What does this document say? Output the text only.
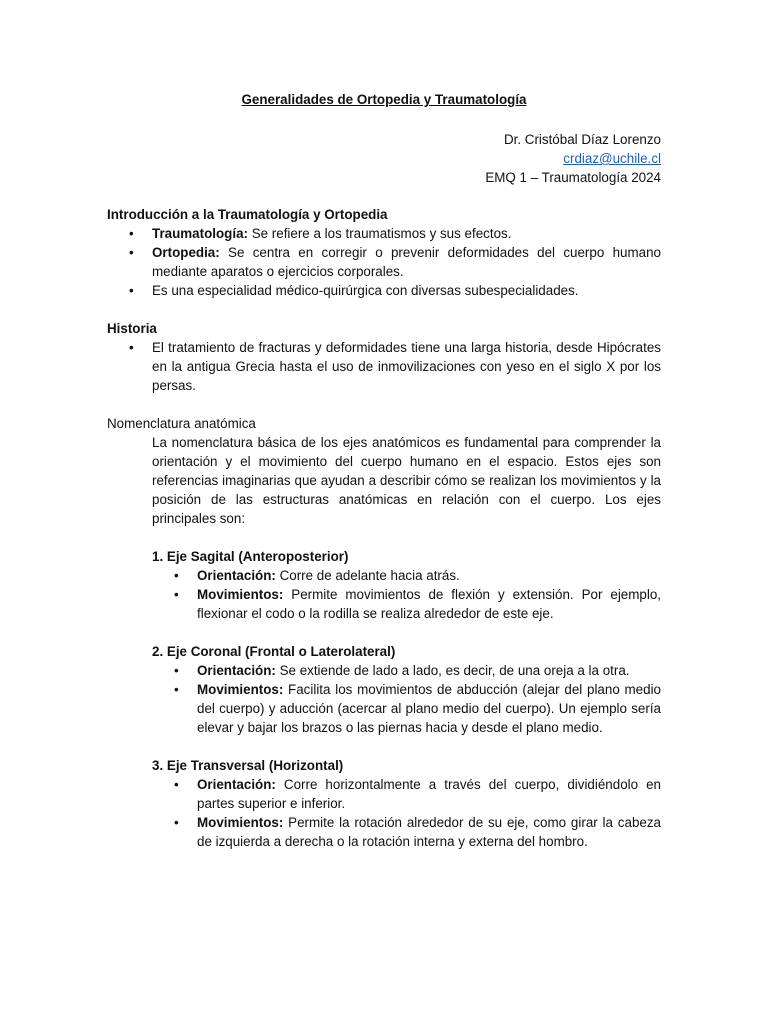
Generalidades de Ortopedia y Traumatología
Dr. Cristóbal Díaz Lorenzo
crdiaz@uchile.cl
EMQ 1 – Traumatología 2024

Introducción a la Traumatología y Ortopedia

• Traumatología: Se refiere a los traumatismos y sus efectos.
• Ortopedia: Se centra en corregir o prevenir deformidades del cuerpo humano mediante aparatos o ejercicios corporales.
• Es una especialidad médico-quirúrgica con diversas subespecialidades.

Historia

• El tratamiento de fracturas y deformidades tiene una larga historia, desde Hipócrates en la antigua Grecia hasta el uso de inmovilizaciones con yeso en el siglo X por los persas.

Nomenclatura anatómica

La nomenclatura básica de los ejes anatómicos es fundamental para comprender la orientación y el movimiento del cuerpo humano en el espacio. Estos ejes son referencias imaginarias que ayudan a describir cómo se realizan los movimientos y la posición de las estructuras anatómicas en relación con el cuerpo. Los ejes principales son:

1. Eje Sagital (Anteroposterior)

• Orientación: Corre de adelante hacia atrás.
• Movimientos: Permite movimientos de flexión y extensión. Por ejemplo, flexionar el codo o la rodilla se realiza alrededor de este eje.

2. Eje Coronal (Frontal o Laterolateral)

• Orientación: Se extiende de lado a lado, es decir, de una oreja a la otra.
• Movimientos: Facilita los movimientos de abducción (alejar del plano medio del cuerpo) y aducción (acercar al plano medio del cuerpo). Un ejemplo sería elevar y bajar los brazos o las piernas hacia y desde el plano medio.

3. Eje Transversal (Horizontal)

• Orientación: Corre horizontalmente a través del cuerpo, dividiéndolo en partes superior e inferior.
• Movimientos: Permite la rotación alrededor de su eje, como girar la cabeza de izquierda a derecha o la rotación interna y externa del hombro.
